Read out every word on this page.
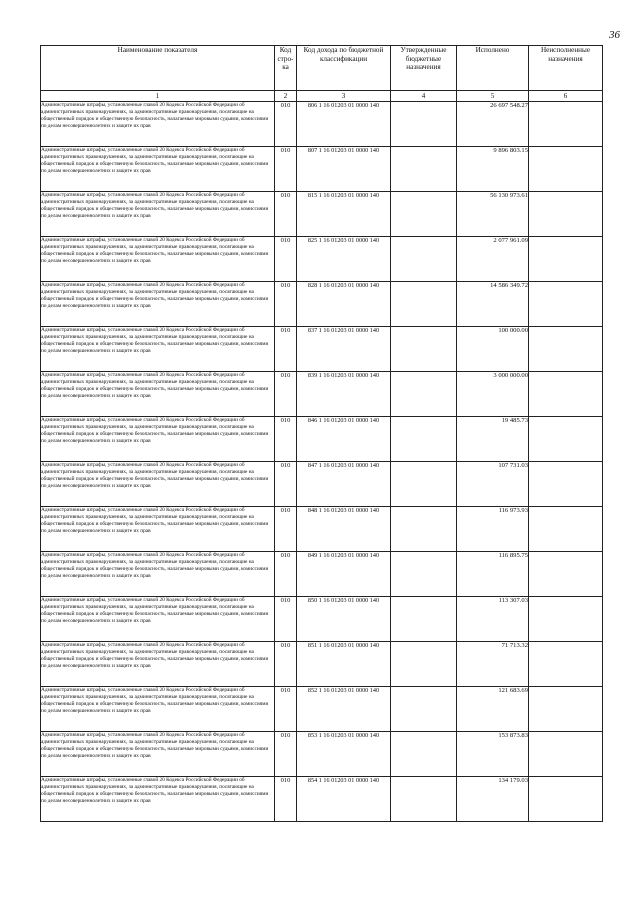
36
Наименование показателя	Код стро-ка	Код дохода по бюджетной классификации	Утвержденные бюджетные назначения	Исполнено	Неисполненные назначения
1	2	3	4	5	6
Административные штрафы, установленные главой 20 Кодекса Российской Федерации об административных правонарушениях, за административные правонарушения, посягающие на общественный порядок и общественную безопасность, налагаемые мировыми судьями, комиссиями по делам несовершеннолетних и защите их прав	010	806 1 16 01203 01 0000 140		26 697 548.27	
Административные штрафы, установленные главой 20 Кодекса Российской Федерации об административных правонарушениях, за административные правонарушения, посягающие на общественный порядок и общественную безопасность, налагаемые мировыми судьями, комиссиями по делам несовершеннолетних и защите их прав	010	807 1 16 01203 01 0000 140		9 896 803.15	
Административные штрафы, установленные главой 20 Кодекса Российской Федерации об административных правонарушениях, за административные правонарушения, посягающие на общественный порядок и общественную безопасность, налагаемые мировыми судьями, комиссиями по делам несовершеннолетних и защите их прав	010	815 1 16 01203 01 0000 140		56 130 973.61	
Административные штрафы, установленные главой 20 Кодекса Российской Федерации об административных правонарушениях, за административные правонарушения, посягающие на общественный порядок и общественную безопасность, налагаемые мировыми судьями, комиссиями по делам несовершеннолетних и защите их прав	010	825 1 16 01203 01 0000 140		2 077 961.09	
Административные штрафы, установленные главой 20 Кодекса Российской Федерации об административных правонарушениях, за административные правонарушения, посягающие на общественный порядок и общественную безопасность, налагаемые мировыми судьями, комиссиями по делам несовершеннолетних и защите их прав	010	828 1 16 01203 01 0000 140		14 586 349.72	
Административные штрафы, установленные главой 20 Кодекса Российской Федерации об административных правонарушениях, за административные правонарушения, посягающие на общественный порядок и общественную безопасность, налагаемые мировыми судьями, комиссиями по делам несовершеннолетних и защите их прав	010	837 1 16 01203 01 0000 140		100 000.00	
Административные штрафы, установленные главой 20 Кодекса Российской Федерации об административных правонарушениях, за административные правонарушения, посягающие на общественный порядок и общественную безопасность, налагаемые мировыми судьями, комиссиями по делам несовершеннолетних и защите их прав	010	839 1 16 01203 01 0000 140		3 000 000.00	
Административные штрафы, установленные главой 20 Кодекса Российской Федерации об административных правонарушениях, за административные правонарушения, посягающие на общественный порядок и общественную безопасность, налагаемые мировыми судьями, комиссиями по делам несовершеннолетних и защите их прав	010	846 1 16 01203 01 0000 140		19 485.73	
Административные штрафы, установленные главой 20 Кодекса Российской Федерации об административных правонарушениях, за административные правонарушения, посягающие на общественный порядок и общественную безопасность, налагаемые мировыми судьями, комиссиями по делам несовершеннолетних и защите их прав	010	847 1 16 01203 01 0000 140		107 731.03	
Административные штрафы, установленные главой 20 Кодекса Российской Федерации об административных правонарушениях, за административные правонарушения, посягающие на общественный порядок и общественную безопасность, налагаемые мировыми судьями, комиссиями по делам несовершеннолетних и защите их прав	010	848 1 16 01203 01 0000 140		116 973.93	
Административные штрафы, установленные главой 20 Кодекса Российской Федерации об административных правонарушениях, за административные правонарушения, посягающие на общественный порядок и общественную безопасность, налагаемые мировыми судьями, комиссиями по делам несовершеннолетних и защите их прав	010	849 1 16 01203 01 0000 140		116 895.75	
Административные штрафы, установленные главой 20 Кодекса Российской Федерации об административных правонарушениях, за административные правонарушения, посягающие на общественный порядок и общественную безопасность, налагаемые мировыми судьями, комиссиями по делам несовершеннолетних и защите их прав	010	850 1 16 01203 01 0000 140		113 307.03	
Административные штрафы, установленные главой 20 Кодекса Российской Федерации об административных правонарушениях, за административные правонарушения, посягающие на общественный порядок и общественную безопасность, налагаемые мировыми судьями, комиссиями по делам несовершеннолетних и защите их прав	010	851 1 16 01203 01 0000 140		71 713.32	
Административные штрафы, установленные главой 20 Кодекса Российской Федерации об административных правонарушениях, за административные правонарушения, посягающие на общественный порядок и общественную безопасность, налагаемые мировыми судьями, комиссиями по делам несовершеннолетних и защите их прав	010	852 1 16 01203 01 0000 140		121 683.69	
Административные штрафы, установленные главой 20 Кодекса Российской Федерации об административных правонарушениях, за административные правонарушения, посягающие на общественный порядок и общественную безопасность, налагаемые мировыми судьями, комиссиями по делам несовершеннолетних и защите их прав	010	853 1 16 01203 01 0000 140		153 873.83	
Административные штрафы, установленные главой 20 Кодекса Российской Федерации об административных правонарушениях, за административные правонарушения, посягающие на общественный порядок и общественную безопасность, налагаемые мировыми судьями, комиссиями по делам несовершеннолетних и защите их прав	010	854 1 16 01203 01 0000 140		134 179.03	
